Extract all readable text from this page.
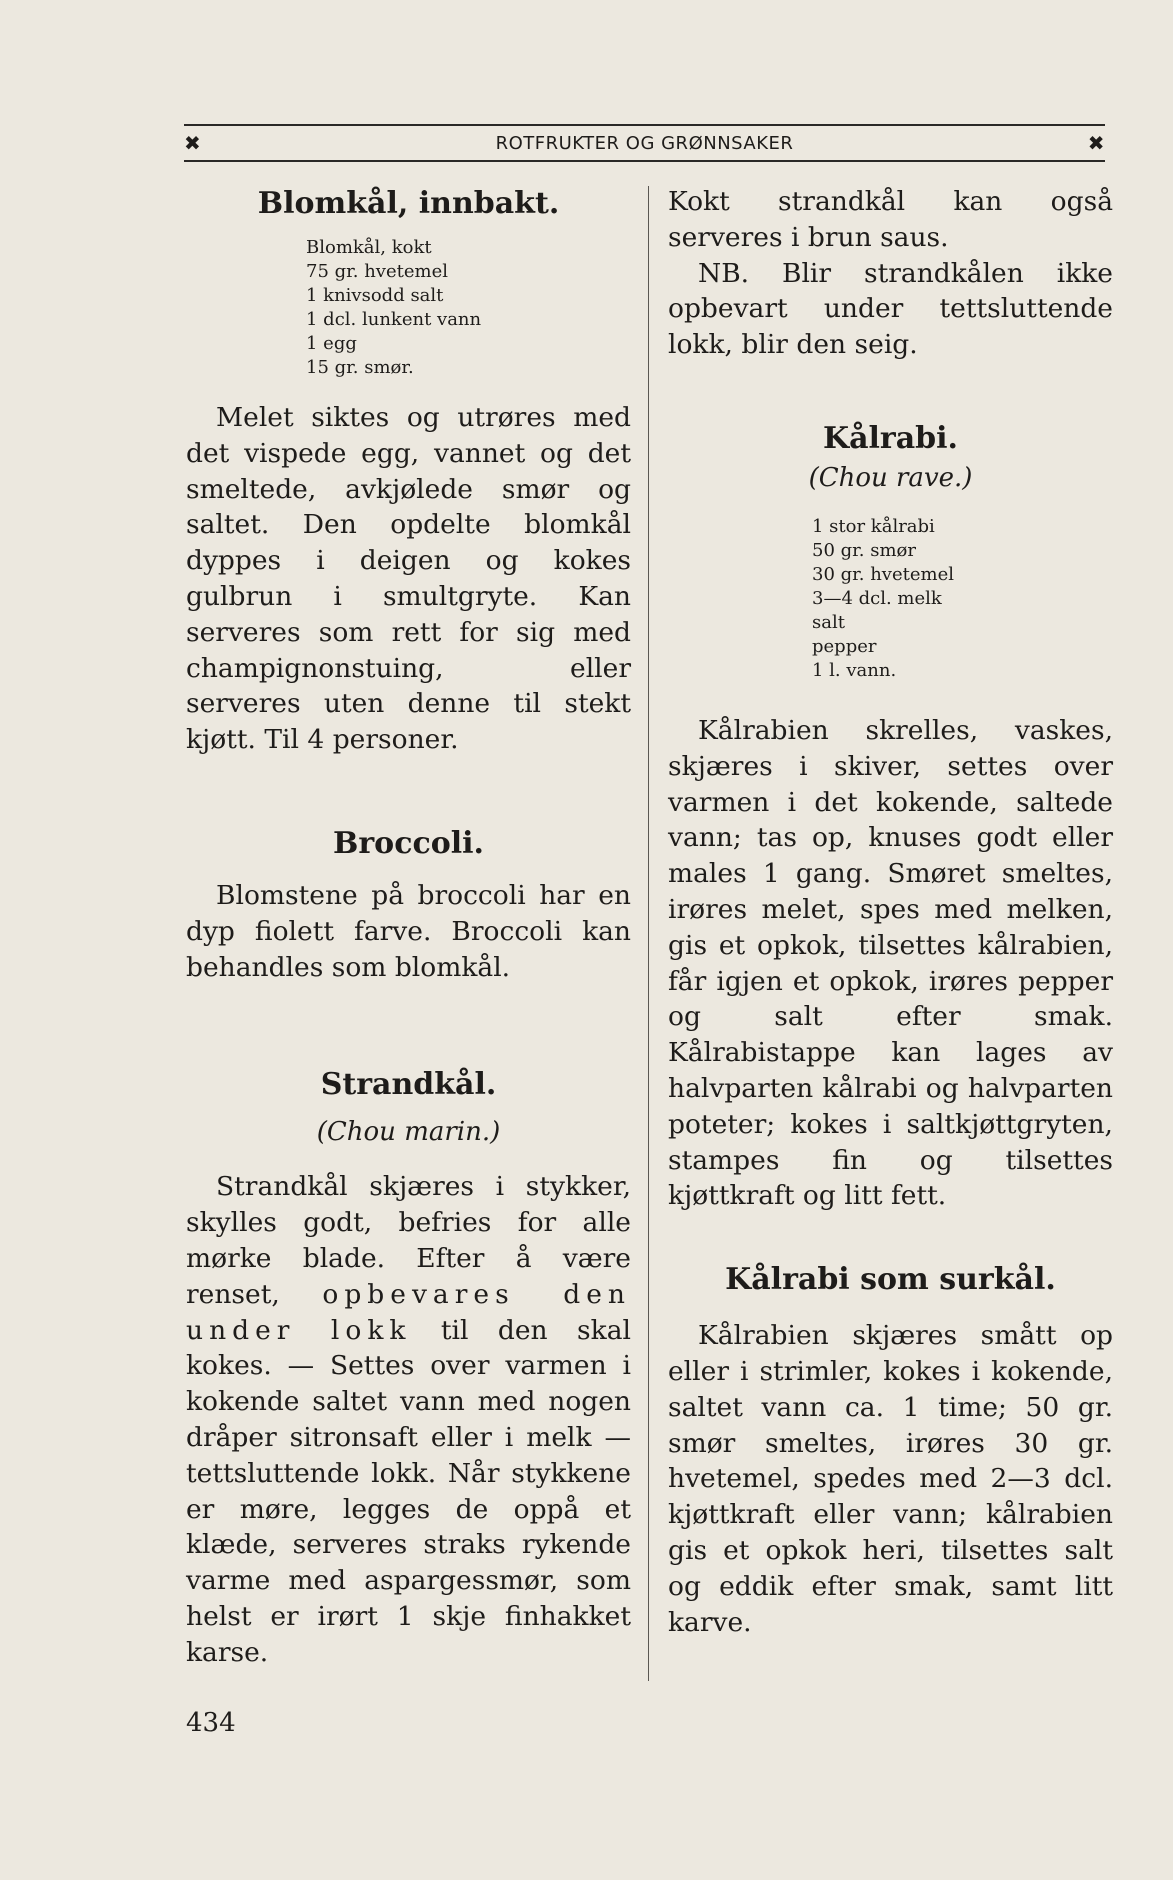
✖	ROTFRUKTER OG GRØNNSAKER	✖
Blomkål, innbakt.
Blomkål, kokt
75 gr. hvetemel
1 knivsodd salt
1 dcl. lunkent vann
1 egg
15 gr. smør.

Melet siktes og utrøres med det vispede egg, vannet og det smeltede, avkjølede smør og saltet. Den opdelte blomkål dyppes i deigen og kokes gulbrun i smultgryte. Kan serveres som rett for sig med champignonstuing, eller serveres uten denne til stekt kjøtt. Til 4 personer.

Broccoli.

Blomstene på broccoli har en dyp fiolett farve. Broccoli kan behandles som blomkål.

Strandkål.

(Chou marin.)

Strandkål skjæres i stykker, skylles godt, befries for alle mørke blade. Efter å være renset, opbevares den under lokk til den skal kokes. — Settes over varmen i kokende saltet vann med nogen dråper sitronsaft eller i melk — tettsluttende lokk. Når stykkene er møre, legges de oppå et klæde, serveres straks rykende varme med aspargessmør, som helst er irørt 1 skje finhakket karse.

Kokt strandkål kan også serveres i brun saus.

NB. Blir strandkålen ikke opbevart under tettsluttende lokk, blir den seig.

Kålrabi.

(Chou rave.)

1 stor kålrabi
50 gr. smør
30 gr. hvetemel
3—4 dcl. melk
salt
pepper
1 l. vann.

Kålrabien skrelles, vaskes, skjæres i skiver, settes over varmen i det kokende, saltede vann; tas op, knuses godt eller males 1 gang. Smøret smeltes, irøres melet, spes med melken, gis et opkok, tilsettes kålrabien, får igjen et opkok, irøres pepper og salt efter smak. Kålrabistappe kan lages av halvparten kålrabi og halvparten poteter; kokes i saltkjøttgryten, stampes fin og tilsettes kjøttkraft og litt fett.

Kålrabi som surkål.

Kålrabien skjæres smått op eller i strimler, kokes i kokende, saltet vann ca. 1 time; 50 gr. smør smeltes, irøres 30 gr. hvetemel, spedes med 2—3 dcl. kjøttkraft eller vann; kålrabien gis et opkok heri, tilsettes salt og eddik efter smak, samt litt karve.

434
